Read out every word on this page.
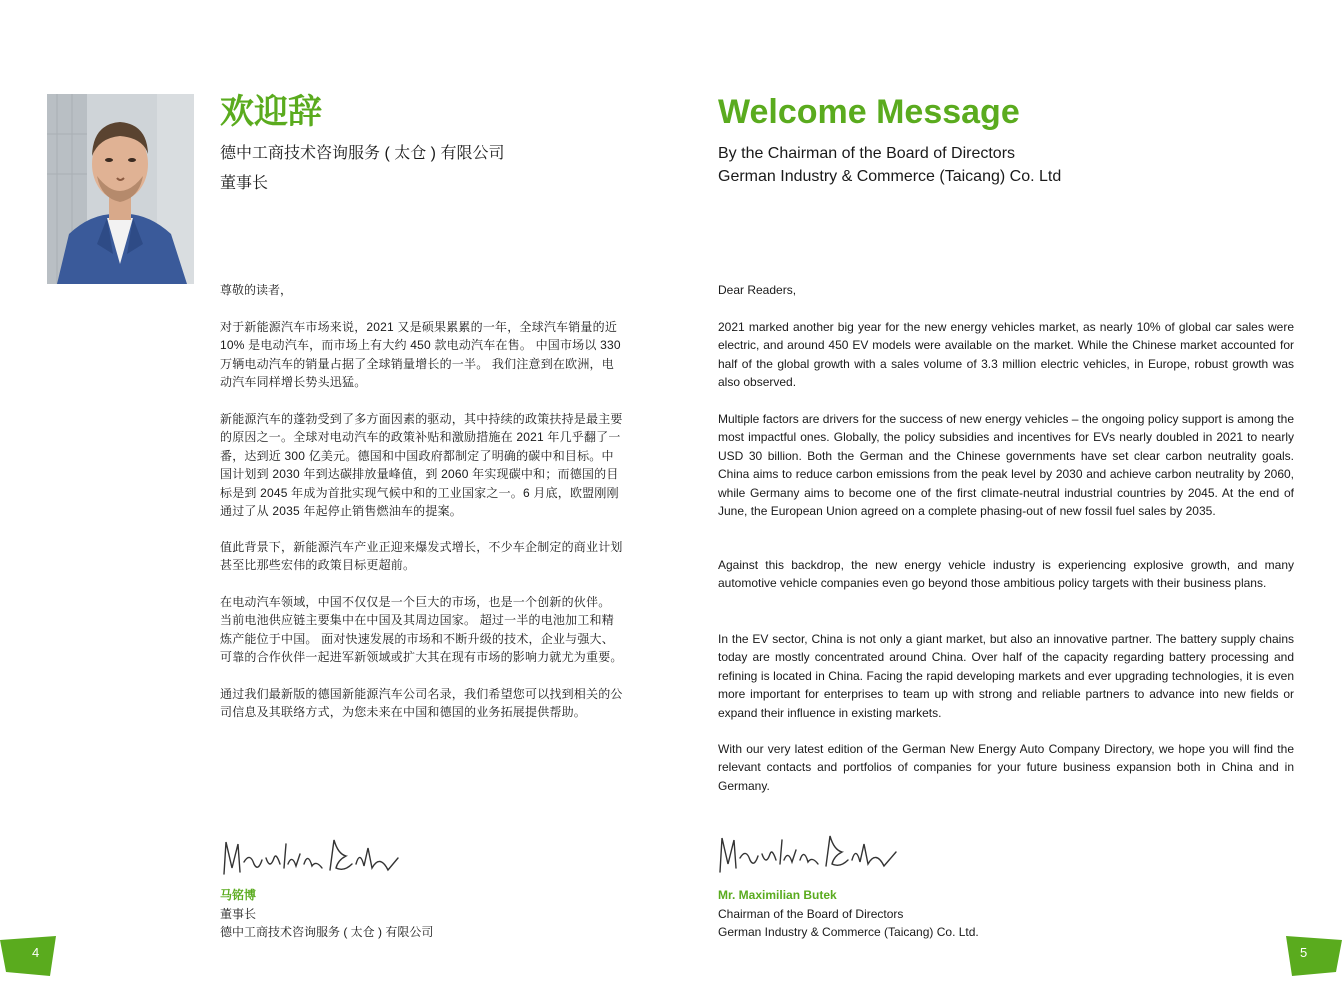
欢迎辞
德中工商技术咨询服务 ( 太仓 ) 有限公司
董事长
尊敬的读者，

对于新能源汽车市场来说，2021 又是硕果累累的一年，全球汽车销量的近 10% 是电动汽车，而市场上有大约 450 款电动汽车在售。 中国市场以 330 万辆电动汽车的销量占据了全球销量增长的一半。 我们注意到在欧洲，电动汽车同样增长势头迅猛。

新能源汽车的蓬勃受到了多方面因素的驱动，其中持续的政策扶持是最主要的原因之一。全球对电动汽车的政策补贴和激励措施在 2021 年几乎翻了一番，达到近 300 亿美元。德国和中国政府都制定了明确的碳中和目标。中国计划到 2030 年到达碳排放量峰值，到 2060 年实现碳中和；而德国的目标是到 2045 年成为首批实现气候中和的工业国家之一。6 月底，欧盟刚刚通过了从 2035 年起停止销售燃油车的提案。

值此背景下，新能源汽车产业正迎来爆发式增长，不少车企制定的商业计划甚至比那些宏伟的政策目标更超前。

在电动汽车领域，中国不仅仅是一个巨大的市场，也是一个创新的伙伴。 当前电池供应链主要集中在中国及其周边国家。 超过一半的电池加工和精炼产能位于中国。 面对快速发展的市场和不断升级的技术，企业与强大、可靠的合作伙伴一起进军新领域或扩大其在现有市场的影响力就尤为重要。

通过我们最新版的德国新能源汽车公司名录，我们希望您可以找到相关的公司信息及其联络方式，为您未来在中国和德国的业务拓展提供帮助。

马铭博
董事长
德中工商技术咨询服务 ( 太仓 ) 有限公司
Welcome Message
By the Chairman of the Board of Directors
German Industry & Commerce (Taicang) Co. Ltd
Dear Readers,

2021 marked another big year for the new energy vehicles market, as nearly 10% of global car sales were electric, and around 450 EV models were available on the market. While the Chinese market accounted for half of the global growth with a sales volume of 3.3 million electric vehicles, in Europe, robust growth was also observed.

Multiple factors are drivers for the success of new energy vehicles – the ongoing policy support is among the most impactful ones. Globally, the policy subsidies and incentives for EVs nearly doubled in 2021 to nearly USD 30 billion. Both the German and the Chinese governments have set clear carbon neutrality goals. China aims to reduce carbon emissions from the peak level by 2030 and achieve carbon neutrality by 2060, while Germany aims to become one of the first climate-neutral industrial countries by 2045. At the end of June, the European Union agreed on a complete phasing-out of new fossil fuel sales by 2035.

Against this backdrop, the new energy vehicle industry is experiencing explosive growth, and many automotive vehicle companies even go beyond those ambitious policy targets with their business plans.

In the EV sector, China is not only a giant market, but also an innovative partner. The battery supply chains today are mostly concentrated around China. Over half of the capacity regarding battery processing and refining is located in China. Facing the rapid developing markets and ever upgrading technologies, it is even more important for enterprises to team up with strong and reliable partners to advance into new fields or expand their influence in existing markets.

With our very latest edition of the German New Energy Auto Company Directory, we hope you will find the relevant contacts and portfolios of companies for your future business expansion both in China and in Germany.

Mr. Maximilian Butek
Chairman of the Board of Directors
German Industry & Commerce (Taicang) Co. Ltd.
4	5
